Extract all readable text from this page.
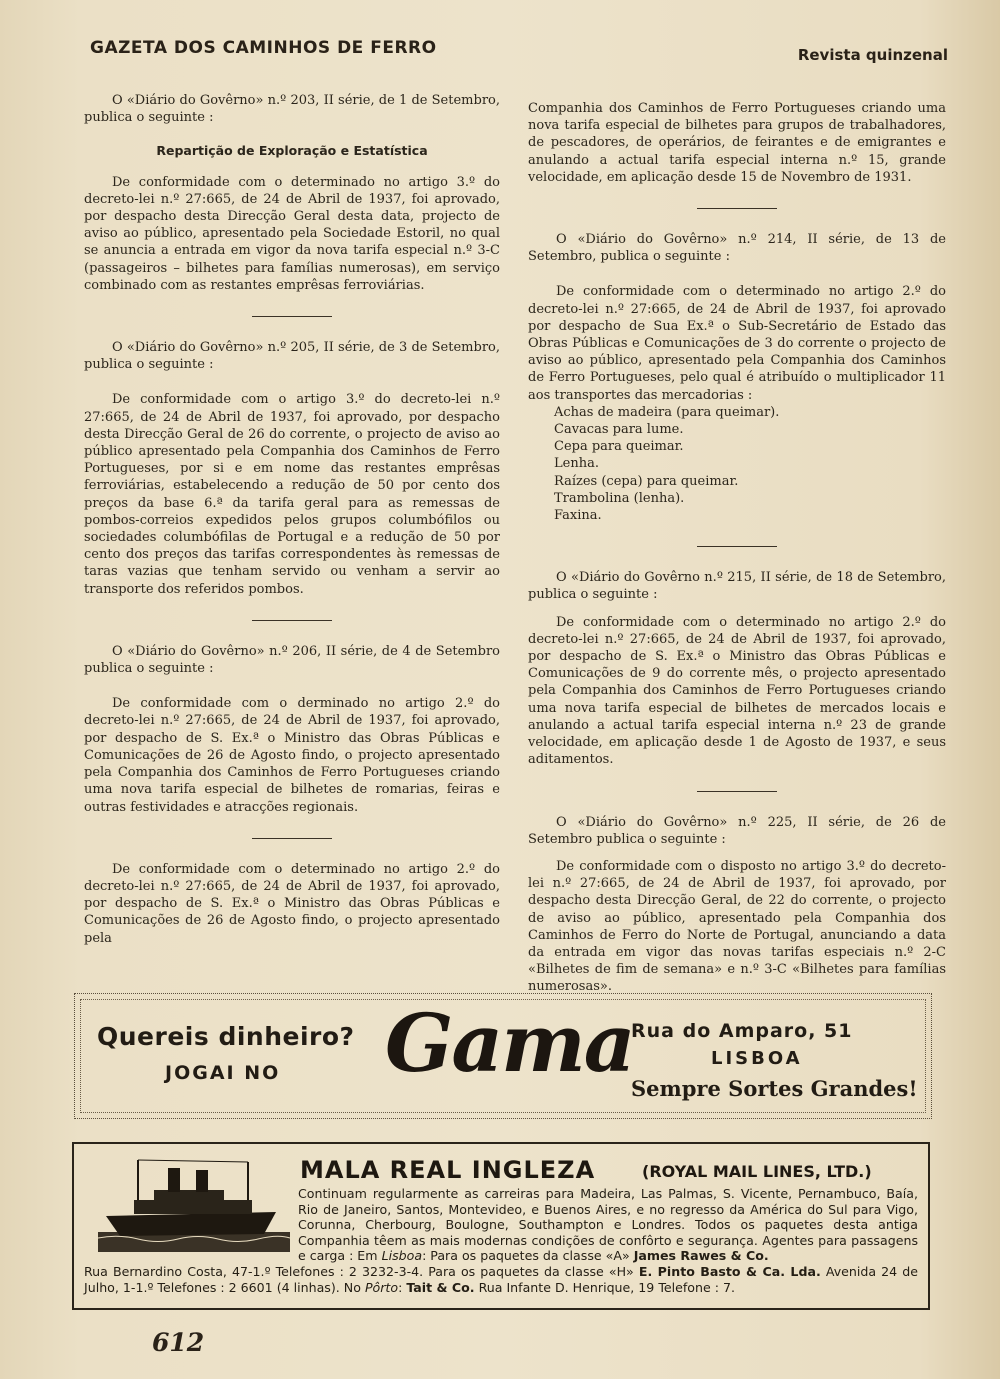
GAZETA DOS CAMINHOS DE FERRO	Revista quinzenal

O «Diário do Govêrno» n.º 203, II série, de 1 de Setembro, publica o seguinte :

Repartição de Exploração e Estatística

De conformidade com o determinado no artigo 3.º do decreto-lei n.º 27:665, de 24 de Abril de 1937, foi aprovado, por despacho desta Direcção Geral desta data, projecto de aviso ao público, apresentado pela Sociedade Estoril, no qual se anuncia a entrada em vigor da nova tarifa especial n.º 3-C (passageiros – bilhetes para famílias numerosas), em serviço combinado com as restantes emprêsas ferroviárias.

O «Diário do Govêrno» n.º 205, II série, de 3 de Setembro, publica o seguinte :

De conformidade com o artigo 3.º do decreto-lei n.º 27:665, de 24 de Abril de 1937, foi aprovado, por despacho desta Direcção Geral de 26 do corrente, o projecto de aviso ao público apresentado pela Companhia dos Caminhos de Ferro Portugueses, por si e em nome das restantes emprêsas ferroviárias, estabelecendo a redução de 50 por cento dos preços da base 6.ª da tarifa geral para as remessas de pombos-correios expedidos pelos grupos columbófilos ou sociedades columbófilas de Portugal e a redução de 50 por cento dos preços das tarifas correspondentes às remessas de taras vazias que tenham servido ou venham a servir ao transporte dos referidos pombos.

O «Diário do Govêrno» n.º 206, II série, de 4 de Setembro publica o seguinte :

De conformidade com o derminado no artigo 2.º do decreto-lei n.º 27:665, de 24 de Abril de 1937, foi aprovado, por despacho de S. Ex.ª o Ministro das Obras Públicas e Comunicações de 26 de Agosto findo, o projecto apresentado pela Companhia dos Caminhos de Ferro Portugueses criando uma nova tarifa especial de bilhetes de romarias, feiras e outras festividades e atracções regionais.

De conformidade com o determinado no artigo 2.º do decreto-lei n.º 27:665, de 24 de Abril de 1937, foi aprovado, por despacho de S. Ex.ª o Ministro das Obras Públicas e Comunicações de 26 de Agosto findo, o projecto apresentado pela

Companhia dos Caminhos de Ferro Portugueses criando uma nova tarifa especial de bilhetes para grupos de trabalhadores, de pescadores, de operários, de feirantes e de emigrantes e anulando a actual tarifa especial interna n.º 15, grande velocidade, em aplicação desde 15 de Novembro de 1931.

O «Diário do Govêrno» n.º 214, II série, de 13 de Setembro, publica o seguinte :

De conformidade com o determinado no artigo 2.º do decreto-lei n.º 27:665, de 24 de Abril de 1937, foi aprovado por despacho de Sua Ex.ª o Sub-Secretário de Estado das Obras Públicas e Comunicações de 3 do corrente o projecto de aviso ao público, apresentado pela Companhia dos Caminhos de Ferro Portugueses, pelo qual é atribuído o multiplicador 11 aos transportes das mercadorias :

Achas de madeira (para queimar).
Cavacas para lume.
Cepa para queimar.
Lenha.
Raízes (cepa) para queimar.
Trambolina (lenha).
Faxina.

O «Diário do Govêrno n.º 215, II série, de 18 de Setembro, publica o seguinte :

De conformidade com o determinado no artigo 2.º do decreto-lei n.º 27:665, de 24 de Abril de 1937, foi aprovado, por despacho de S. Ex.ª o Ministro das Obras Públicas e Comunicações de 9 do corrente mês, o projecto apresentado pela Companhia dos Caminhos de Ferro Portugueses criando uma nova tarifa especial de bilhetes de mercados locais e anulando a actual tarifa especial interna n.º 23 de grande velocidade, em aplicação desde 1 de Agosto de 1937, e seus aditamentos.

O «Diário do Govêrno» n.º 225, II série, de 26 de Setembro publica o seguinte :

De conformidade com o disposto no artigo 3.º do decreto-lei n.º 27:665, de 24 de Abril de 1937, foi aprovado, por despacho desta Direcção Geral, de 22 do corrente, o projecto de aviso ao público, apresentado pela Companhia dos Caminhos de Ferro do Norte de Portugal, anunciando a data da entrada em vigor das novas tarifas especiais n.º 2-C «Bilhetes de fim de semana» e n.º 3-C «Bilhetes para famílias numerosas».

Quereis dinheiro?
JOGAI NO Gama
Rua do Amparo, 51
LISBOA
Sempre Sortes Grandes!
MALA REAL INGLEZA	(ROYAL MAIL LINES, LTD.)
Continuam regularmente as carreiras para Madeira, Las Palmas, S. Vicente, Pernambuco, Baía, Rio de Janeiro, Santos, Montevideo, e Buenos Aires, e no regresso da América do Sul para Vigo, Corunna, Cherbourg, Boulogne, Southampton e Londres. Todos os paquetes desta antiga Companhia têem as mais modernas condições de confôrto e segurança. Agentes para passagens e carga : Em Lisboa: Para os paquetes da classe «A» James Rawes & Co.
Rua Bernardino Costa, 47-1.º Telefones : 2 3232-3-4. Para os paquetes da classe «H» E. Pinto Basto & Ca. Lda. Avenida 24 de Julho, 1-1.º Telefones : 2 6601 (4 linhas). No Pôrto: Tait & Co. Rua Infante D. Henrique, 19 Telefone : 7.
612
